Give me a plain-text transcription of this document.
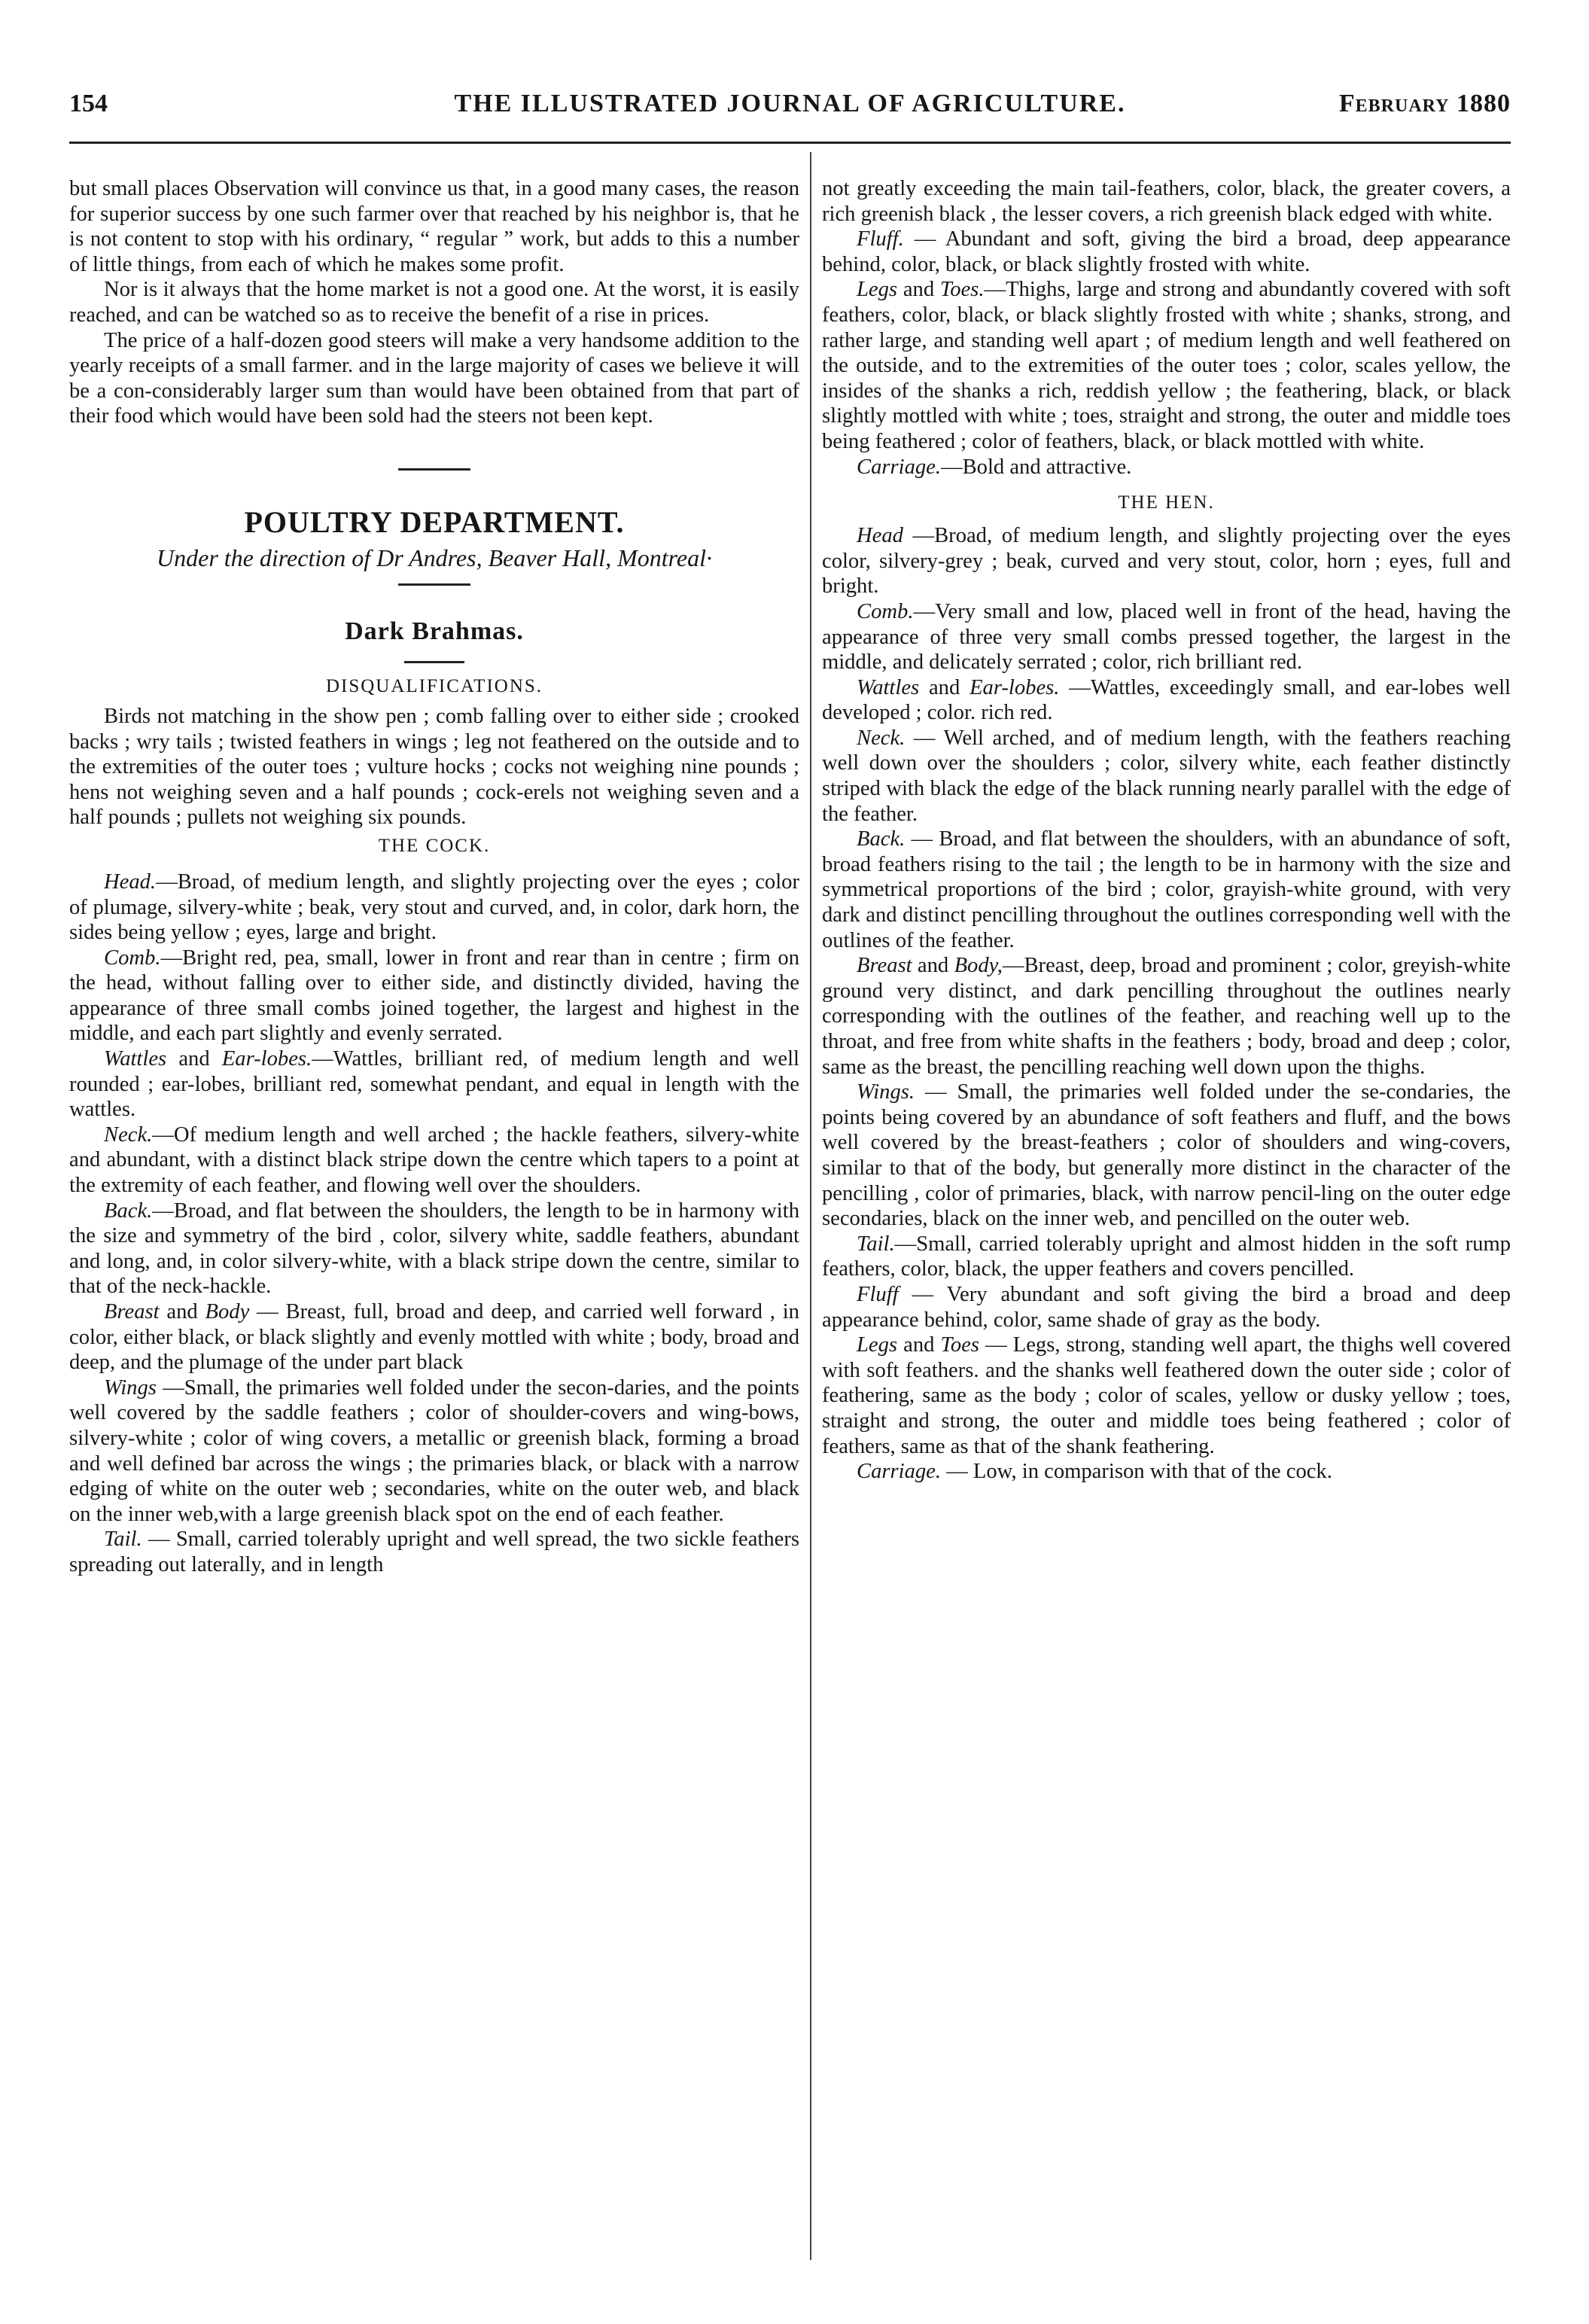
154	THE ILLUSTRATED JOURNAL OF AGRICULTURE.	February 1880

but small places Observation will convince us that, in a good many cases, the reason for superior success by one such farmer over that reached by his neighbor is, that he is not content to stop with his ordinary, “ regular ” work, but adds to this a number of little things, from each of which he makes some profit.

Nor is it always that the home market is not a good one. At the worst, it is easily reached, and can be watched so as to receive the benefit of a rise in prices.

The price of a half-dozen good steers will make a very handsome addition to the yearly receipts of a small farmer. and in the large majority of cases we believe it will be a con-considerably larger sum than would have been obtained from that part of their food which would have been sold had the steers not been kept.

POULTRY DEPARTMENT.
Under the direction of Dr Andres, Beaver Hall, Montreal·
Dark Brahmas.
DISQUALIFICATIONS.

Birds not matching in the show pen ; comb falling over to either side ; crooked backs ; wry tails ; twisted feathers in wings ; leg not feathered on the outside and to the extremities of the outer toes ; vulture hocks ; cocks not weighing nine pounds ; hens not weighing seven and a half pounds ; cock-erels not weighing seven and a half pounds ; pullets not weighing six pounds.

THE COCK.

Head.—Broad, of medium length, and slightly projecting over the eyes ; color of plumage, silvery-white ; beak, very stout and curved, and, in color, dark horn, the sides being yellow ; eyes, large and bright.

Comb.—Bright red, pea, small, lower in front and rear than in centre ; firm on the head, without falling over to either side, and distinctly divided, having the appearance of three small combs joined together, the largest and highest in the middle, and each part slightly and evenly serrated.

Wattles and Ear-lobes.—Wattles, brilliant red, of medium length and well rounded ; ear-lobes, brilliant red, somewhat pendant, and equal in length with the wattles.

Neck.—Of medium length and well arched ; the hackle feathers, silvery-white and abundant, with a distinct black stripe down the centre which tapers to a point at the extremity of each feather, and flowing well over the shoulders.

Back.—Broad, and flat between the shoulders, the length to be in harmony with the size and symmetry of the bird , color, silvery white, saddle feathers, abundant and long, and, in color silvery-white, with a black stripe down the centre, similar to that of the neck-hackle.

Breast and Body — Breast, full, broad and deep, and carried well forward , in color, either black, or black slightly and evenly mottled with white ; body, broad and deep, and the plumage of the under part black

Wings —Small, the primaries well folded under the secon-daries, and the points well covered by the saddle feathers ; color of shoulder-covers and wing-bows, silvery-white ; color of wing covers, a metallic or greenish black, forming a broad and well defined bar across the wings ; the primaries black, or black with a narrow edging of white on the outer web ; secondaries, white on the outer web, and black on the inner web,with a large greenish black spot on the end of each feather.

Tail. — Small, carried tolerably upright and well spread, the two sickle feathers spreading out laterally, and in length

not greatly exceeding the main tail-feathers, color, black, the greater covers, a rich greenish black , the lesser covers, a rich greenish black edged with white.

Fluff. — Abundant and soft, giving the bird a broad, deep appearance behind, color, black, or black slightly frosted with white.

Legs and Toes.—Thighs, large and strong and abundantly covered with soft feathers, color, black, or black slightly frosted with white ; shanks, strong, and rather large, and standing well apart ; of medium length and well feathered on the outside, and to the extremities of the outer toes ; color, scales yellow, the insides of the shanks a rich, reddish yellow ; the feathering, black, or black slightly mottled with white ; toes, straight and strong, the outer and middle toes being feathered ; color of feathers, black, or black mottled with white.

Carriage.—Bold and attractive.

THE HEN.

Head —Broad, of medium length, and slightly projecting over the eyes color, silvery-grey ; beak, curved and very stout, color, horn ; eyes, full and bright.

Comb.—Very small and low, placed well in front of the head, having the appearance of three very small combs pressed together, the largest in the middle, and delicately serrated ; color, rich brilliant red.

Wattles and Ear-lobes. —Wattles, exceedingly small, and ear-lobes well developed ; color. rich red.

Neck. — Well arched, and of medium length, with the feathers reaching well down over the shoulders ; color, silvery white, each feather distinctly striped with black the edge of the black running nearly parallel with the edge of the feather.

Back. — Broad, and flat between the shoulders, with an abundance of soft, broad feathers rising to the tail ; the length to be in harmony with the size and symmetrical proportions of the bird ; color, grayish-white ground, with very dark and distinct pencilling throughout the outlines corresponding well with the outlines of the feather.

Breast and Body,—Breast, deep, broad and prominent ; color, greyish-white ground very distinct, and dark pencilling throughout the outlines nearly corresponding with the outlines of the feather, and reaching well up to the throat, and free from white shafts in the feathers ; body, broad and deep ; color, same as the breast, the pencilling reaching well down upon the thighs.

Wings. — Small, the primaries well folded under the se-condaries, the points being covered by an abundance of soft feathers and fluff, and the bows well covered by the breast-feathers ; color of shoulders and wing-covers, similar to that of the body, but generally more distinct in the character of the pencilling , color of primaries, black, with narrow pencil-ling on the outer edge secondaries, black on the inner web, and pencilled on the outer web.

Tail.—Small, carried tolerably upright and almost hidden in the soft rump feathers, color, black, the upper feathers and covers pencilled.

Fluff — Very abundant and soft giving the bird a broad and deep appearance behind, color, same shade of gray as the body.

Legs and Toes — Legs, strong, standing well apart, the thighs well covered with soft feathers. and the shanks well feathered down the outer side ; color of feathering, same as the body ; color of scales, yellow or dusky yellow ; toes, straight and strong, the outer and middle toes being feathered ; color of feathers, same as that of the shank feathering.

Carriage. — Low, in comparison with that of the cock.
